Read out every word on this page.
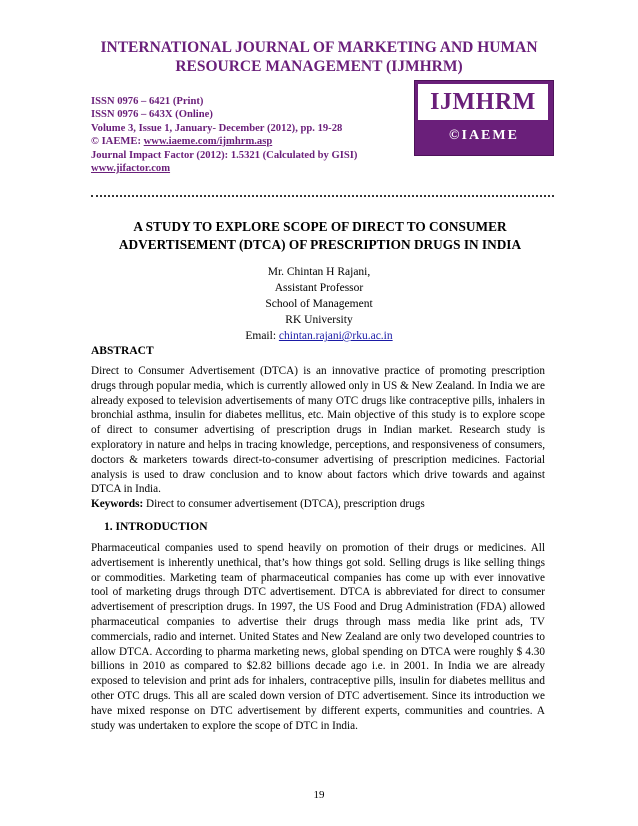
INTERNATIONAL JOURNAL OF MARKETING AND HUMAN
RESOURCE MANAGEMENT (IJMHRM)
ISSN 0976 – 6421 (Print)
ISSN 0976 – 643X (Online)
Volume 3, Issue 1, January- December (2012), pp. 19-28
© IAEME: www.iaeme.com/ijmhrm.asp
Journal Impact Factor (2012): 1.5321 (Calculated by GISI)
www.jifactor.com
IJMHRM
©IAEME
A STUDY TO EXPLORE SCOPE OF DIRECT TO CONSUMER
ADVERTISEMENT (DTCA) OF PRESCRIPTION DRUGS IN INDIA
Mr. Chintan H Rajani,
Assistant Professor
School of Management
RK University
Email: chintan.rajani@rku.ac.in
ABSTRACT
Direct to Consumer Advertisement (DTCA) is an innovative practice of promoting prescription drugs through popular media, which is currently allowed only in US & New Zealand. In India we are already exposed to television advertisements of many OTC drugs like contraceptive pills, inhalers in bronchial asthma, insulin for diabetes mellitus, etc. Main objective of this study is to explore scope of direct to consumer advertising of prescription drugs in Indian market. Research study is exploratory in nature and helps in tracing knowledge, perceptions, and responsiveness of consumers, doctors & marketers towards direct-to-consumer advertising of prescription medicines. Factorial analysis is used to draw conclusion and to know about factors which drive towards and against DTCA in India.
Keywords: Direct to consumer advertisement (DTCA), prescription drugs
1. INTRODUCTION
Pharmaceutical companies used to spend heavily on promotion of their drugs or medicines. All advertisement is inherently unethical, that’s how things got sold. Selling drugs is like selling things or commodities. Marketing team of pharmaceutical companies has come up with ever innovative tool of marketing drugs through DTC advertisement. DTCA is abbreviated for direct to consumer advertisement of prescription drugs. In 1997, the US Food and Drug Administration (FDA) allowed pharmaceutical companies to advertise their drugs through mass media like print ads, TV commercials, radio and internet. United States and New Zealand are only two developed countries to allow DTCA. According to pharma marketing news, global spending on DTCA were roughly $ 4.30 billions in 2010 as compared to $2.82 billions decade ago i.e. in 2001. In India we are already exposed to television and print ads for inhalers, contraceptive pills, insulin for diabetes mellitus and other OTC drugs. This all are scaled down version of DTC advertisement. Since its introduction we have mixed response on DTC advertisement by different experts, communities and countries. A study was undertaken to explore the scope of DTC in India.
19
